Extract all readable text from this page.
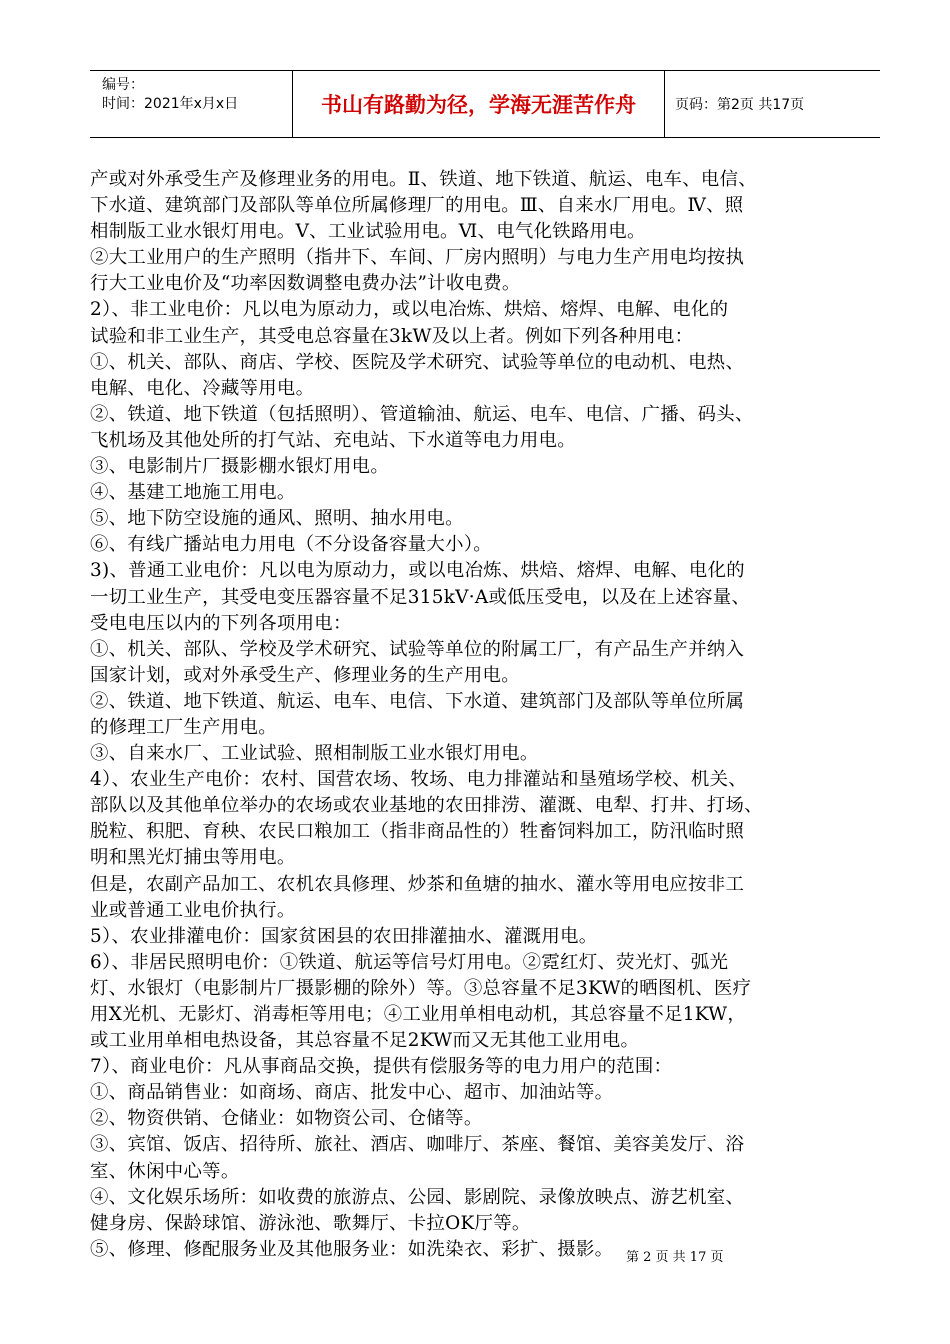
编号：
时间：2021年x月x日	书山有路勤为径，学海无涯苦作舟	页码：第2页 共17页

产或对外承受生产及修理业务的用电。Ⅱ、铁道、地下铁道、航运、电车、电信、

下水道、建筑部门及部队等单位所属修理厂的用电。Ⅲ、自来水厂用电。Ⅳ、照

相制版工业水银灯用电。Ⅴ、工业试验用电。Ⅵ、电气化铁路用电。

②大工业用户的生产照明（指井下、车间、厂房内照明）与电力生产用电均按执

行大工业电价及“功率因数调整电费办法”计收电费。

2）、非工业电价：凡以电为原动力，或以电冶炼、烘焙、熔焊、电解、电化的

试验和非工业生产，其受电总容量在3kW及以上者。例如下列各种用电：

①、机关、部队、商店、学校、医院及学术研究、试验等单位的电动机、电热、

电解、电化、冷藏等用电。

②、铁道、地下铁道（包括照明）、管道输油、航运、电车、电信、广播、码头、

飞机场及其他处所的打气站、充电站、下水道等电力用电。

③、电影制片厂摄影棚水银灯用电。

④、基建工地施工用电。

⑤、地下防空设施的通风、照明、抽水用电。

⑥、有线广播站电力用电（不分设备容量大小）。

3)、普通工业电价：凡以电为原动力，或以电冶炼、烘焙、熔焊、电解、电化的

一切工业生产，其受电变压器容量不足315kV·A或低压受电，以及在上述容量、

受电电压以内的下列各项用电：

①、机关、部队、学校及学术研究、试验等单位的附属工厂，有产品生产并纳入

国家计划，或对外承受生产、修理业务的生产用电。

②、铁道、地下铁道、航运、电车、电信、下水道、建筑部门及部队等单位所属

的修理工厂生产用电。

③、自来水厂、工业试验、照相制版工业水银灯用电。

4）、农业生产电价：农村、国营农场、牧场、电力排灌站和垦殖场学校、机关、

部队以及其他单位举办的农场或农业基地的农田排涝、灌溉、电犁、打井、打场、

脱粒、积肥、育秧、农民口粮加工（指非商品性的）牲畜饲料加工，防汛临时照

明和黑光灯捕虫等用电。

但是，农副产品加工、农机农具修理、炒茶和鱼塘的抽水、灌水等用电应按非工

业或普通工业电价执行。

5）、农业排灌电价：国家贫困县的农田排灌抽水、灌溉用电。

6）、非居民照明电价：①铁道、航运等信号灯用电。②霓红灯、荧光灯、弧光

灯、水银灯（电影制片厂摄影棚的除外）等。③总容量不足3KW的晒图机、医疗

用X光机、无影灯、消毒柜等用电；④工业用单相电动机，其总容量不足1KW，

或工业用单相电热设备，其总容量不足2KW而又无其他工业用电。

7）、商业电价：凡从事商品交换，提供有偿服务等的电力用户的范围：

①、商品销售业：如商场、商店、批发中心、超市、加油站等。

②、物资供销、仓储业：如物资公司、仓储等。

③、宾馆、饭店、招待所、旅社、酒店、咖啡厅、茶座、餐馆、美容美发厅、浴

室、休闲中心等。

④、文化娱乐场所：如收费的旅游点、公园、影剧院、录像放映点、游艺机室、

健身房、保龄球馆、游泳池、歌舞厅、卡拉OK厅等。

⑤、修理、修配服务业及其他服务业：如洗染衣、彩扩、摄影。 第 2 页 共 17 页
